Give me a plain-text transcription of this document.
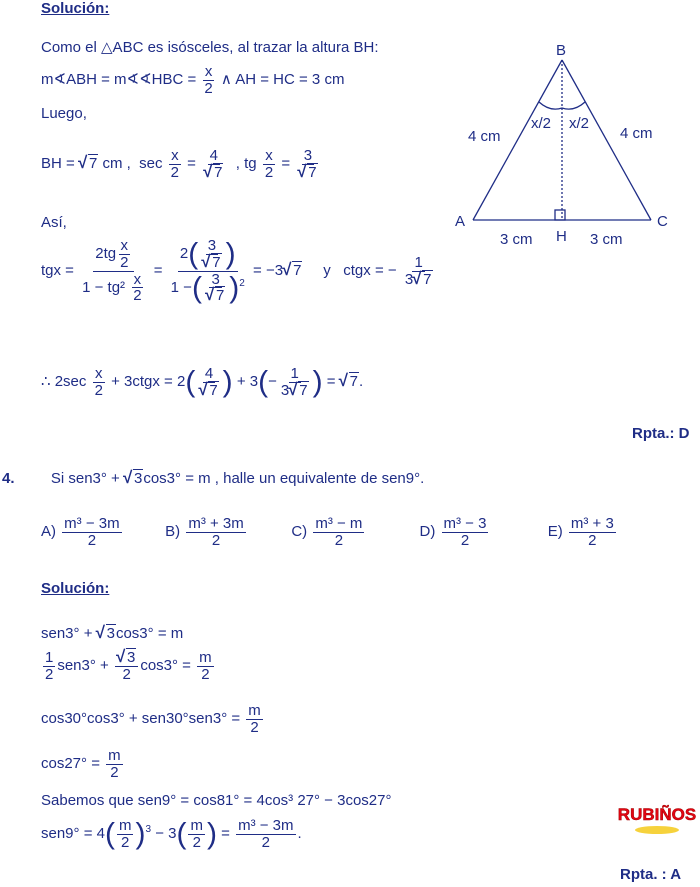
Solución:
Como el △ABC es isósceles, al trazar la altura BH:
m∢ABH = m∢∢HBC = $\frac{x}{2}$ ∧ AH = HC = 3 cm
Luego,
BH = √ 7 cm , $\sec \frac{x}{2} = 4$
√ 7 , tg $\frac{x}{2} = 3$
√ 7
Así,
tgx = $\frac{2tg \frac{x}{2}}{1 - tg^2 \frac{x}{2}} = 2$( 3
√ 7 )
1 −( 3
√ 7 )$^2$ = −3 √ 7 y ctgx = − $\frac{1}{3 √ 7}$
∴ $2\sec \frac{x}{2}$ + 3ctgx = 2( 4
√ 7 ) + $3(- \frac{1}{3 √ 7}$ ) = √ 7.
Rpta.: D
B
A	C
H
4 cm	4 cm
x/2 x/2
3 cm	3 cm
4. Si sen3° + √ 3cos3° = m , halle un equivalente de sen9°.
$A) \frac{\text{m³ − 3m}}{2}$	$B) \frac{\text{m³ + 3m}}{2}$	$C) \frac{\text{m³ − m}}{2}$	$D) \frac{\text{m³ − 3}}{2}$	$E) \frac{\text{m³ + 3}}{2}$
Solución:
sen3° + √ 3cos3° = m
$\frac{1}{2} sen3^\circ$ + √ $\frac{3}{2} \cos 3^\circ = \frac{m}{2}$
$\cos 30^\circ\cos 3^\circ + sen30^\circ sen3^\circ = \frac{m}{2}$
$\cos 27^\circ = \frac{m}{2}$
Sabemos que sen9° = cos81° = 4cos³ 27° − 3cos27°
$sen9^\circ = 4( \frac{m}{2} )^3 - 3( \frac{m}{2}$ ) = $\frac{\text{m³ − 3m}}{2}$ .
RUBIÑOS
Rpta. : A
